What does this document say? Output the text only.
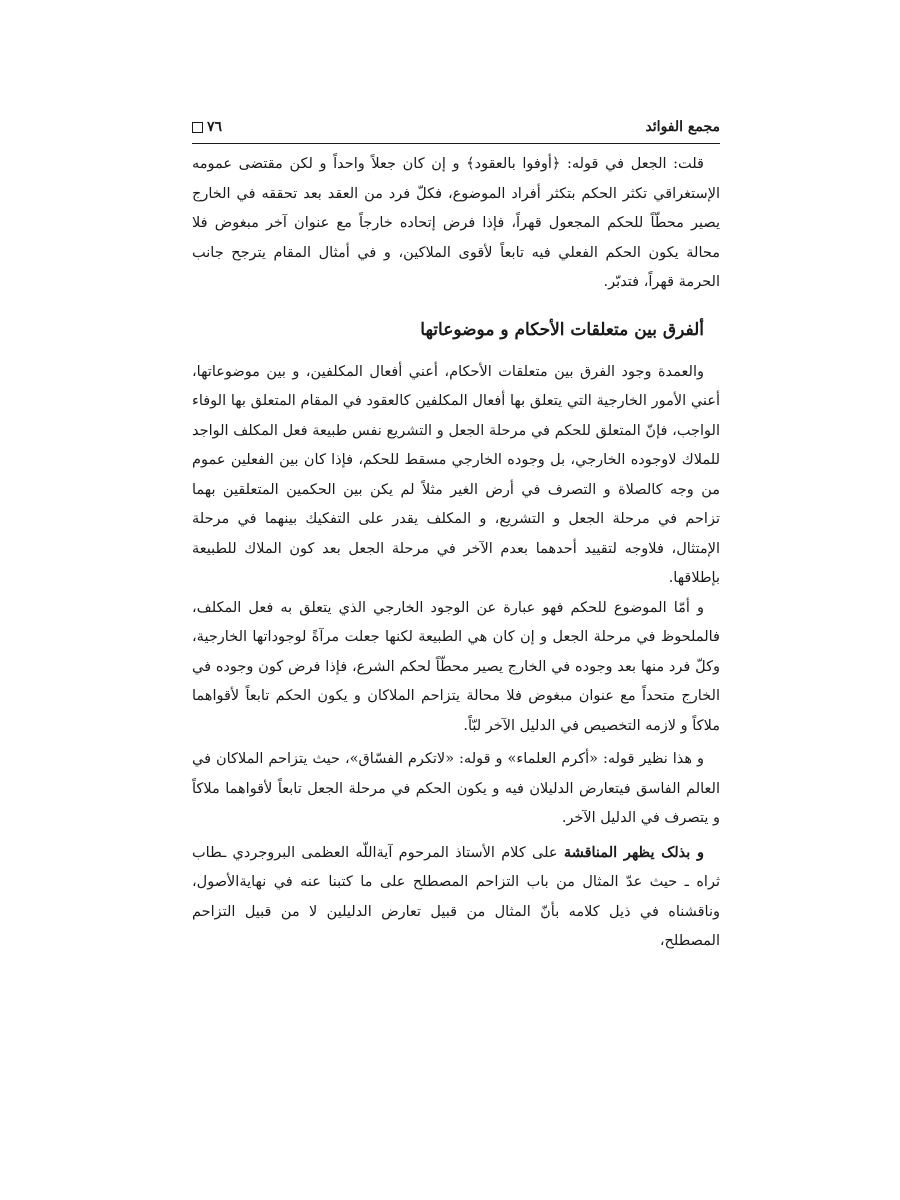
٧٦	مجمع الفوائد

قلت: الجعل في قوله: ﴿أوفوا بالعقود﴾ و إن كان جعلاً واحداً و لكن مقتضى عمومه الإستغراقي تكثر الحكم بتكثر أفراد الموضوع، فكلّ فرد من العقد بعد تحققه في الخارج يصير محطّاً للحكم المجعول قهراً، فإذا فرض إتحاده خارجاً مع عنوان آخر مبغوض فلا محالة يكون الحكم الفعلي فيه تابعاً لأقوى الملاكين، و في أمثال المقام يترجح جانب الحرمة قهراً، فتدبّر.

ألفرق بين متعلقات الأحكام و موضوعاتها

والعمدة وجود الفرق بين متعلقات الأحكام، أعني أفعال المكلفين، و بين موضوعاتها، أعني الأمور الخارجية التي يتعلق بها أفعال المكلفين كالعقود في المقام المتعلق بها الوفاء الواجب، فإنّ المتعلق للحكم في مرحلة الجعل و التشريع نفس طبيعة فعل المكلف الواجد للملاك لاوجوده الخارجي، بل وجوده الخارجي مسقط للحكم، فإذا كان بين الفعلين عموم من وجه كالصلاة و التصرف في أرض الغير مثلاً لم يكن بين الحكمين المتعلقين بهما تزاحم في مرحلة الجعل و التشريع، و المكلف يقدر على التفكيك بينهما في مرحلة الإمتثال، فلاوجه لتقييد أحدهما بعدم الآخر في مرحلة الجعل بعد كون الملاك للطبيعة بإطلاقها.

و أمّا الموضوع للحكم فهو عبارة عن الوجود الخارجي الذي يتعلق به فعل المكلف، فالملحوظ في مرحلة الجعل و إن كان هي الطبيعة لكنها جعلت مرآةً لوجوداتها الخارجية، وكلّ فرد منها بعد وجوده في الخارج يصير محطّاً لحكم الشرع، فإذا فرض كون وجوده في الخارج متحداً مع عنوان مبغوض فلا محالة يتزاحم الملاكان و يكون الحكم تابعاً لأقواهما ملاكاً و لازمه التخصيص في الدليل الآخر لبّاً.

و هذا نظير قوله: «أكرم العلماء» و قوله: «لاتكرم الفسّاق»، حيث يتزاحم الملاكان في العالم الفاسق فيتعارض الدليلان فيه و يكون الحكم في مرحلة الجعل تابعاً لأقواهما ملاكاً و يتصرف في الدليل الآخر.

و بذلک يظهر المناقشة على كلام الأستاذ المرحوم آيةاللّه العظمى البروجردي ـطاب ثراه ـ حيث عدّ المثال من باب التزاحم المصطلح على ما كتبنا عنه في نهايةالأصول، وناقشناه في ذيل كلامه بأنّ المثال من قبيل تعارض الدليلين لا من قبيل التزاحم المصطلح،
